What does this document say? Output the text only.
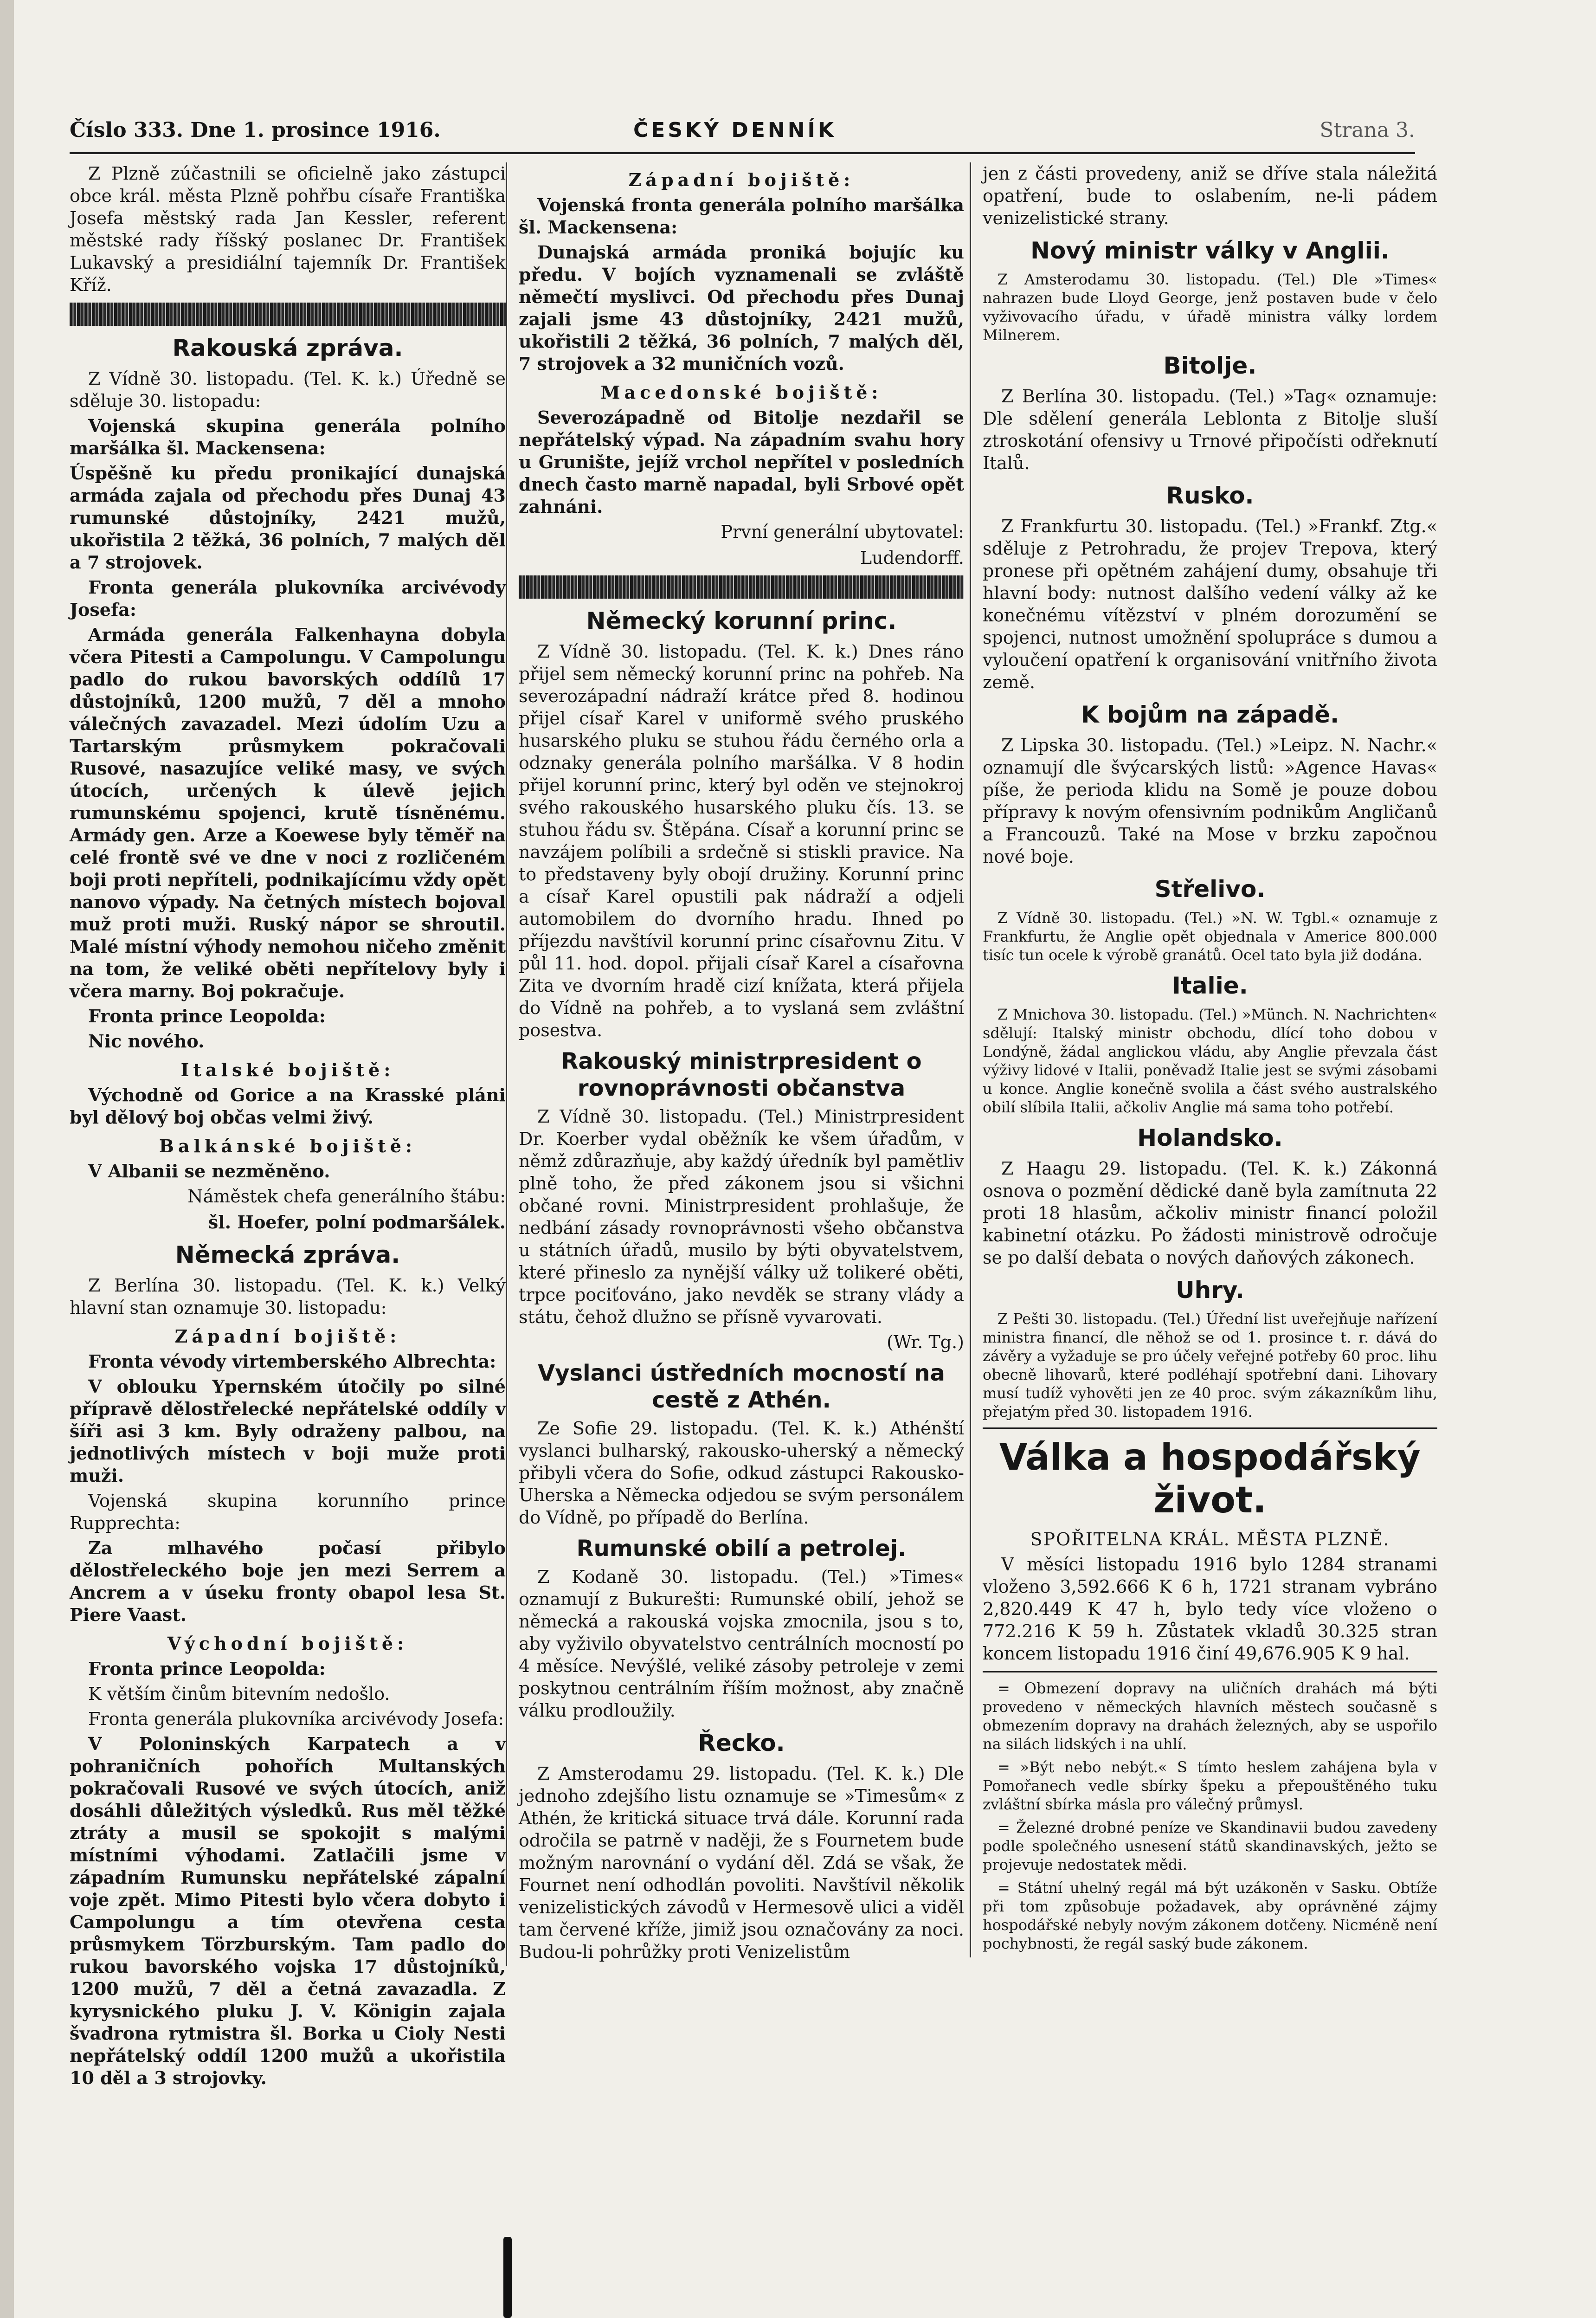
Číslo 333. Dne 1. prosince 1916.	ČESKÝ DENNÍK	Strana 3.

Z Plzně zúčastnili se oficielně jako zástupci obce král. města Plzně pohřbu císaře Františka Josefa městský rada Jan Kessler, referent městské rady říšský poslanec Dr. František Lukavský a presidiální tajemník Dr. František Kříž.

Rakouská zpráva.

Z Vídně 30. listopadu. (Tel. K. k.) Úředně se sděluje 30. listopadu:

Vojenská skupina generála polního maršálka šl. Mackensena:

Úspěšně ku předu pronikající dunajská armáda zajala od přechodu přes Dunaj 43 rumunské důstojníky, 2421 mužů, ukořistila 2 těžká, 36 polních, 7 malých děl a 7 strojovek.

Fronta generála plukovníka arcivévody Josefa:

Armáda generála Falkenhayna dobyla včera Pitesti a Campolungu. V Campolungu padlo do rukou bavorských oddílů 17 důstojníků, 1200 mužů, 7 děl a mnoho válečných zavazadel. Mezi údolím Uzu a Tartarským průsmykem pokračovali Rusové, nasazujíce veliké masy, ve svých útocích, určených k úlevě jejich rumunskému spojenci, krutě tísněnému. Armády gen. Arze a Koewese byly těměř na celé frontě své ve dne v noci z rozličeném boji proti nepříteli, podnikajícímu vždy opět nanovo výpady. Na četných místech bojoval muž proti muži. Ruský nápor se shroutil. Malé místní výhody nemohou ničeho změnit na tom, že veliké oběti nepřítelovy byly i včera marny. Boj pokračuje.

Fronta prince Leopolda:

Nic nového.

Italské bojiště:

Východně od Gorice a na Krasské pláni byl dělový boj občas velmi živý.

Balkánské bojiště:

V Albanii se nezměněno.

Náměstek chefa generálního štábu:
šl. Hoefer, polní podmaršálek.
Německá zpráva.

Z Berlína 30. listopadu. (Tel. K. k.) Velký hlavní stan oznamuje 30. listopadu:

Západní bojiště:

Fronta vévody virtemberského Albrechta:

V oblouku Ypernském útočily po silné přípravě dělostřelecké nepřátelské oddíly v šíři asi 3 km. Byly odraženy palbou, na jednotlivých místech v boji muže proti muži.

Vojenská skupina korunního prince Rupprechta:

Za mlhavého počasí přibylo dělostřeleckého boje jen mezi Serrem a Ancrem a v úseku fronty obapol lesa St. Piere Vaast.

Východní bojiště:

Fronta prince Leopolda:

K větším činům bitevním nedošlo.

Fronta generála plukovníka arcivévody Josefa:

V Poloninských Karpatech a v pohraničních pohořích Multanských pokračovali Rusové ve svých útocích, aniž dosáhli důležitých výsledků. Rus měl těžké ztráty a musil se spokojit s malými místními výhodami. Zatlačili jsme v západním Rumunsku nepřátelské zápalní voje zpět. Mimo Pitesti bylo včera dobyto i Campolungu a tím otevřena cesta průsmykem Törzburským. Tam padlo do rukou bavorského vojska 17 důstojníků, 1200 mužů, 7 děl a četná zavazadla. Z kyrysnického pluku J. V. Königin zajala švadrona rytmistra šl. Borka u Cioly Nesti nepřátelský oddíl 1200 mužů a ukořistila 10 děl a 3 strojovky.

Západní bojiště:

Vojenská fronta generála polního maršálka šl. Mackensena:

Dunajská armáda proniká bojujíc ku předu. V bojích vyznamenali se zvláště němečtí myslivci. Od přechodu přes Dunaj zajali jsme 43 důstojníky, 2421 mužů, ukořistili 2 těžká, 36 polních, 7 malých děl, 7 strojovek a 32 muničních vozů.

Macedonské bojiště:

Severozápadně od Bitolje nezdařil se nepřátelský výpad. Na západním svahu hory u Grunište, jejíž vrchol nepřítel v posledních dnech často marně napadal, byli Srbové opět zahnáni.

První generální ubytovatel:
Ludendorff.
Německý korunní princ.

Z Vídně 30. listopadu. (Tel. K. k.) Dnes ráno přijel sem německý korunní princ na pohřeb. Na severozápadní nádraží krátce před 8. hodinou přijel císař Karel v uniformě svého pruského husarského pluku se stuhou řádu černého orla a odznaky generála polního maršálka. V 8 hodin přijel korunní princ, který byl oděn ve stejnokroj svého rakouského husarského pluku čís. 13. se stuhou řádu sv. Štěpána. Císař a korunní princ se navzájem políbili a srdečně si stiskli pravice. Na to představeny byly obojí družiny. Korunní princ a císař Karel opustili pak nádraží a odjeli automobilem do dvorního hradu. Ihned po příjezdu navštívil korunní princ císařovnu Zitu. V půl 11. hod. dopol. přijali císař Karel a císařovna Zita ve dvorním hradě cizí knížata, která přijela do Vídně na pohřeb, a to vyslaná sem zvláštní posestva.

Rakouský ministrpresident o rovnoprávnosti občanstva

Z Vídně 30. listopadu. (Tel.) Ministrpresident Dr. Koerber vydal oběžník ke všem úřadům, v němž zdůrazňuje, aby každý úředník byl pamětliv plně toho, že před zákonem jsou si všichni občané rovni. Ministrpresident prohlašuje, že nedbání zásady rovnoprávnosti všeho občanstva u státních úřadů, musilo by býti obyvatelstvem, které přineslo za nynější války už tolikeré oběti, trpce pociťováno, jako nevděk se strany vlády a státu, čehož dlužno se přísně vyvarovati.

(Wr. Tg.)
Vyslanci ústředních mocností na cestě z Athén.

Ze Sofie 29. listopadu. (Tel. K. k.) Athénští vyslanci bulharský, rakousko-uherský a německý přibyli včera do Sofie, odkud zástupci Rakousko-Uherska a Německa odjedou se svým personálem do Vídně, po případě do Berlína.

Rumunské obilí a petrolej.

Z Kodaně 30. listopadu. (Tel.) »Times« oznamují z Bukurešti: Rumunské obilí, jehož se německá a rakouská vojska zmocnila, jsou s to, aby vyživilo obyvatelstvo centrálních mocností po 4 měsíce. Nevýšlé, veliké zásoby petroleje v zemi poskytnou centrálním říším možnost, aby značně válku prodloužily.

Řecko.

Z Amsterodamu 29. listopadu. (Tel. K. k.) Dle jednoho zdejšího listu oznamuje se »Timesům« z Athén, že kritická situace trvá dále. Korunní rada odročila se patrně v naději, že s Fournetem bude možným narovnání o vydání děl. Zdá se však, že Fournet není odhodlán povoliti. Navštívil několik venizelistických závodů v Hermesově ulici a viděl tam červené kříže, jimiž jsou označovány za noci. Budou-li pohrůžky proti Venizelistům

jen z části provedeny, aniž se dříve stala náležitá opatření, bude to oslabením, ne-li pádem venizelistické strany.

Nový ministr války v Anglii.

Z Amsterodamu 30. listopadu. (Tel.) Dle »Times« nahrazen bude Lloyd George, jenž postaven bude v čelo vyživovacího úřadu, v úřadě ministra války lordem Milnerem.

Bitolje.

Z Berlína 30. listopadu. (Tel.) »Tag« oznamuje: Dle sdělení generála Leblonta z Bitolje sluší ztroskotání ofensivy u Trnové připočísti odřeknutí Italů.

Rusko.

Z Frankfurtu 30. listopadu. (Tel.) »Frankf. Ztg.« sděluje z Petrohradu, že projev Trepova, který pronese při opětném zahájení dumy, obsahuje tři hlavní body: nutnost dalšího vedení války až ke konečnému vítězství v plném dorozumění se spojenci, nutnost umožnění spolupráce s dumou a vyloučení opatření k organisování vnitřního života země.

K bojům na západě.

Z Lipska 30. listopadu. (Tel.) »Leipz. N. Nachr.« oznamují dle švýcarských listů: »Agence Havas« píše, že perioda klidu na Somě je pouze dobou přípravy k novým ofensivním podnikům Angličanů a Francouzů. Také na Mose v brzku započnou nové boje.

Střelivo.

Z Vídně 30. listopadu. (Tel.) »N. W. Tgbl.« oznamuje z Frankfurtu, že Anglie opět objednala v Americe 800.000 tisíc tun ocele k výrobě granátů. Ocel tato byla již dodána.

Italie.

Z Mnichova 30. listopadu. (Tel.) »Münch. N. Nachrichten« sdělují: Italský ministr obchodu, dlící toho dobou v Londýně, žádal anglickou vládu, aby Anglie převzala část výživy lidové v Italii, poněvadž Italie jest se svými zásobami u konce. Anglie konečně svolila a část svého australského obilí slíbila Italii, ačkoliv Anglie má sama toho potřebí.

Holandsko.

Z Haagu 29. listopadu. (Tel. K. k.) Zákonná osnova o pozmění dědické daně byla zamítnuta 22 proti 18 hlasům, ačkoliv ministr financí položil kabinetní otázku. Po žádosti ministrově odročuje se po další debata o nových daňových zákonech.

Uhry.

Z Pešti 30. listopadu. (Tel.) Úřední list uveřejňuje nařízení ministra financí, dle něhož se od 1. prosince t. r. dává do závěry a vyžaduje se pro účely veřejné potřeby 60 proc. lihu obecně lihovarů, které podléhají spotřební dani. Lihovary musí tudíž vyhověti jen ze 40 proc. svým zákazníkům lihu, přejatým před 30. listopadem 1916.

Válka a hospodářský život.
SPOŘITELNA KRÁL. MĚSTA PLZNĚ.

V měsíci listopadu 1916 bylo 1284 stranami vloženo 3,592.666 K 6 h, 1721 stranam vybráno 2,820.449 K 47 h, bylo tedy více vloženo o 772.216 K 59 h. Zůstatek vkladů 30.325 stran koncem listopadu 1916 činí 49,676.905 K 9 hal.

= Obmezení dopravy na uličních drahách má býti provedeno v německých hlavních městech současně s obmezením dopravy na drahách železných, aby se uspořilo na silách lidských i na uhlí.

= »Být nebo nebýt.« S tímto heslem zahájena byla v Pomořanech vedle sbírky špeku a přepouštěného tuku zvláštní sbírka másla pro válečný průmysl.

= Železné drobné peníze ve Skandinavii budou zavedeny podle společného usnesení států skandinavských, ježto se projevuje nedostatek mědi.

= Státní uhelný regál má být uzákoněn v Sasku. Obtíže při tom způsobuje požadavek, aby oprávněné zájmy hospodářské nebyly novým zákonem dotčeny. Nicméně není pochybnosti, že regál saský bude zákonem.
